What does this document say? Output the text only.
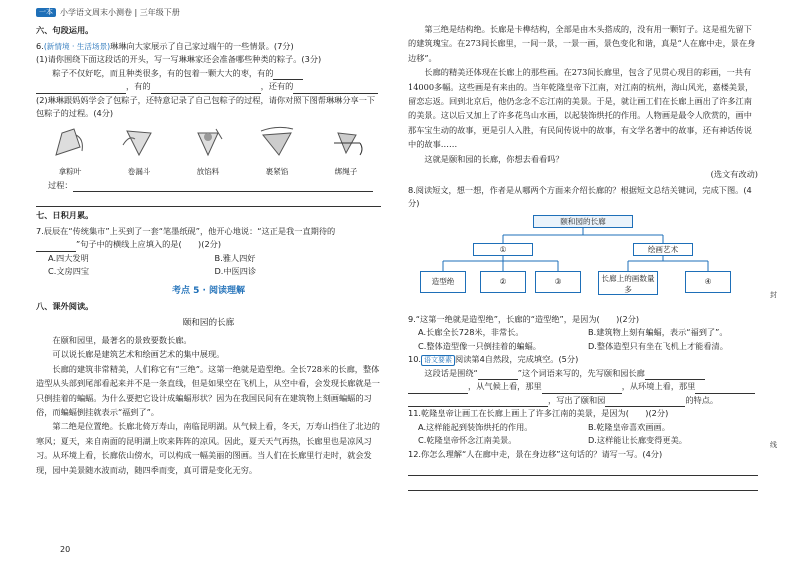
一本 小学语文周末小测卷 | 三年级下册
六、句段运用。

6.(新情境 · 生活场景)琳琳向大家展示了自己家过端午的一些情景。(7分)

(1)请你围绕下面这段话的开头，写一写琳琳家还会准备哪些种类的粽子。(3分)

粽子不仅好吃，而且种类很多，有的包着一颗大大的枣，有的

，有的	，还有的

(2)琳琳跟妈妈学会了包粽子，还特意记录了自己包粽子的过程，请你对照下图帮琳琳分享一下包粽子的过程。(4分)

拿粽叶	卷漏斗	放馅料	裹紧馅	绑绳子

过程：

七、日积月累。

7.辰辰在“传统集市”上买到了一套“笔墨纸砚”，他开心地说：“这正是我一直期待的

”句子中的横线上应填入的是(　　)(2分)

A.四大发明	B.雅人四好
C.文房四宝	D.中医四诊
考点 5 · 阅读理解
八、课外阅读。
颐和园的长廊

在颐和园里，最著名的景致要数长廊。

可以说长廊是建筑艺术和绘画艺术的集中展现。

长廊的建筑非常精美，人们称它有“三绝”。这第一绝就是造型绝。全长728米的长廊，整体造型从头部到尾部看起来并不是一条直线，但是如果空在飞机上，从空中看，会发现长廊就是一只倒挂着的蝙蝠。为什么要把它设计成蝙蝠形状？因为在我国民间有在建筑物上刻画蝙蝠的习俗，而蝙蝠倒挂就表示“福到了”。

第二绝是位置绝。长廊北倚万寿山，南临昆明湖。从气候上看，冬天，万寿山挡住了北边的寒风；夏天，来自南面的昆明湖上吹来阵阵的凉风。因此，夏天天气再热，长廊里也是凉风习习。从环境上看，长廊依山傍水，可以构成一幅美丽的图画。当人们在长廊里行走时，就会发现，园中美景随水波而动，随四季而变，真可谓是变化无穷。

第三绝是结构绝。长廊是卡榫结构，全部是由木头搭成的，没有用一颗钉子。这是祖先留下的建筑瑰宝。在273间长廊里，一间一景，一景一画，景色变化和谐，真是“人在廊中走，景在身边移”。

长廊的精美还体现在长廊上的那些画。在273间长廊里，包含了见贯心现目的彩画，一共有14000多幅。这些画是有来由的。当年乾隆皇帝下江南，对江南的杭州，海山风光，嘉楼美景，留恋忘返。回到北京后，他仍念念不忘江南的美景。于是，就让画工们在长廊上画出了许多江南的美景。这以后又加上了许多花鸟山水画，以起装饰烘托的作用。人物画是最令人欣赏的，画中那车宝生动的故事，更是引人入胜，有民间传说中的故事，有文学名著中的故事，还有神话传说中的故事……

这就是颐和园的长廊，你想去看看吗？

(选文有改动)

8.阅读短文，想一想，作者是从哪两个方面来介绍长廊的？根据短文总结关键词，完成下图。(4分)

颐和园的长廊
①	绘画艺术
造型绝	②	③	长廊上的画数量多
④

9.“这第一绝就是造型绝”，长廊的“造型绝”，是因为(　　)(2分)

A.长廊全长728米，非常长。	B.建筑物上刻有蝙蝠，表示“福到了”。
C.整体造型像一只倒挂着的蝙蝠。	D.整体造型只有坐在飞机上才能看清。

10. 语文要素 阅读第4自然段，完成填空。(5分)

这段话是围绕“	”这个词语来写的，先写颐和园长廊

，从气候上看，那里	，从环境上看，那里

，写出了颐和园	的特点。

11.乾隆皇帝让画工在长廊上画上了许多江南的美景，是因为(　　)(2分)

A.这样能起到装饰烘托的作用。	B.乾隆皇帝喜欢画画。
C.乾隆皇帝怀念江南美景。	D.这样能让长廊变得更美。

12.你怎么理解“人在廊中走，景在身边移”这句话的？请写一写。(4分)

20
封
线
